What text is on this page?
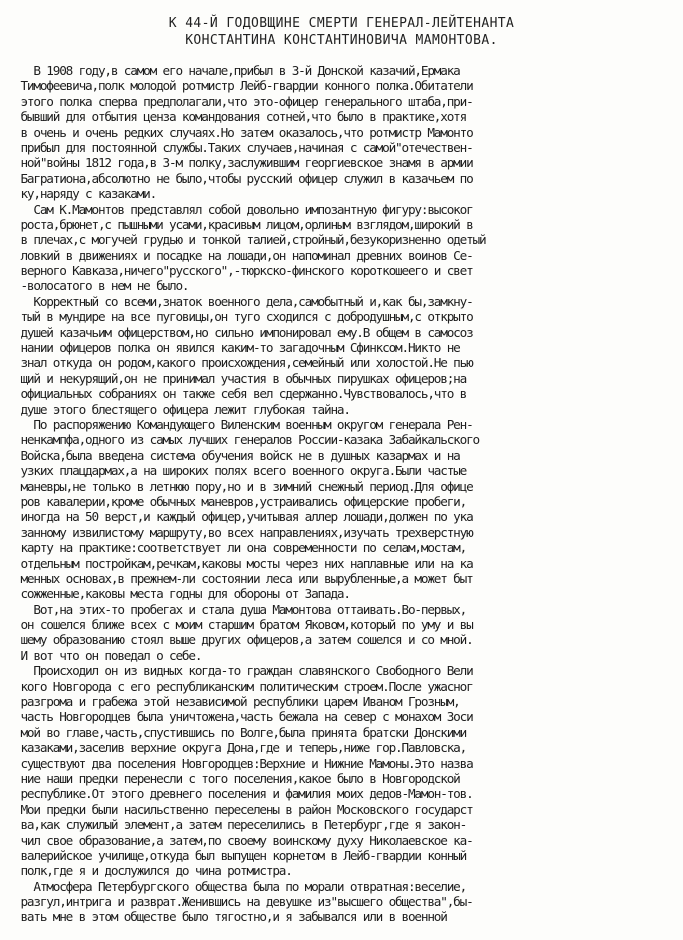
К 44-Й ГОДОВЩИНЕ СМЕРТИ ГЕНЕРАЛ-ЛЕЙТЕНАНТА
КОНСТАНТИНА КОНСТАНТИНОВИЧА МАМОНТОВА.
В 1908 году,в самом его начале,прибыл в 3-й Донской казачий,Ермака
Тимофеевича,полк молодой ротмистр Лейб-гвардии конного полка.Обитатели
этого полка сперва предполагали,что это-офицер генерального штаба,при-
бывший для отбытия ценза командования сотней,что было в практике,хотя
в очень и очень редких случаях.Но затем оказалось,что ротмистр Мамонто
прибыл для постоянной службы.Таких случаев,начиная с самой"отечествен-
ной"войны 1812 года,в 3-м полку,заслужившим георгиевское знамя в армии
Багратиона,абсолютно не было,чтобы русский офицер служил в казачьем по
ку,наряду с казаками.
Сам К.Мамонтов представлял собой довольно импозантную фигуру:высоког
роста,брюнет,с пышными усами,красивым лицом,орлиным взглядом,широкий в
в плечах,с могучей грудью и тонкой талией,стройный,безукоризненно одетый
ловкий в движениях и посадке на лошади,он напоминал древних воинов Се-
верного Кавказа,ничего"русского",-тюркско-финского короткошеего и свет
-волосатого в нем не было.
Корректный со всеми,знаток военного дела,самобытный и,как бы,замкну-
тый в мундире на все пуговицы,он туго сходился с добродушным,с открыто
душей казачьим офицерством,но сильно импонировал ему.В общем в самосоз
нании офицеров полка он явился каким-то загадочным Сфинксом.Никто не
знал откуда он родом,какого происхождения,семейный или холостой.Не пью
щий и некурящий,он не принимал участия в обычных пирушках офицеров;на
официальных собраниях он также себя вел сдержанно.Чувствовалось,что в
душе этого блестящего офицера лежит глубокая тайна.
По распоряжению Командующего Виленским военным округом генерала Рен-
ненкампфа,одного из самых лучших генералов России-казака Забайкальского
Войска,была введена система обучения войск не в душных казармах и на
узких плацдармах,а на широких полях всего военного округа.Были частые
маневры,не только в летнюю пору,но и в зимний снежный период.Для офице
ров кавалерии,кроме обычных маневров,устраивались офицерские пробеги,
иногда на 50 верст,и каждый офицер,учитывая аллер лошади,должен по ука
занному извилистому маршруту,во всех направлениях,изучать трехверстную
карту на практике:соответствует ли она современности по селам,мостам,
отдельным постройкам,речкам,каковы мосты через них наплавные или на ка
менных основах,в прежнем-ли состоянии леса или вырубленные,а может быт
сожженные,каковы места годны для обороны от Запада.
Вот,на этих-то пробегах и стала душа Мамонтова оттаивать.Во-первых,
он сошелся ближе всех с моим старшим братом Яковом,который по уму и вы
шему образованию стоял выше других офицеров,а затем сошелся и со мной.
И вот что он поведал о себе.
Происходил он из видных когда-то граждан славянского Свободного Вели
кого Новгорода с его республиканским политическим строем.После ужасног
разгрома и грабежа этой независимой республики царем Иваном Грозным,
часть Новгородцев была уничтожена,часть бежала на север с монахом Зоси
мой во главе,часть,спустившись по Волге,была принята братски Донскими
казаками,заселив верхние округа Дона,где и теперь,ниже гор.Павловска,
существуют два поселения Новгородцев:Верхние и Нижние Мамоны.Это назва
ние наши предки перенесли с того поселения,какое было в Новгородской
республике.От этого древнего поселения и фамилия моих дедов-Мамон-тов.
Мои предки были насильственно переселены в район Московского государст
ва,как служилый элемент,а затем переселились в Петербург,где я закон-
чил свое образование,а затем,по своему воинскому духу Николаевское ка-
валерийское училище,откуда был выпущен корнетом в Лейб-гвардии конный
полк,где я и дослужился до чина ротмистра.
Атмосфера Петербургского общества была по морали отвратная:веселие,
разгул,интрига и разврат.Женившись на девушке из"высшего общества",бы-
вать мне в этом обществе было тягостно,и я забывался или в военной
